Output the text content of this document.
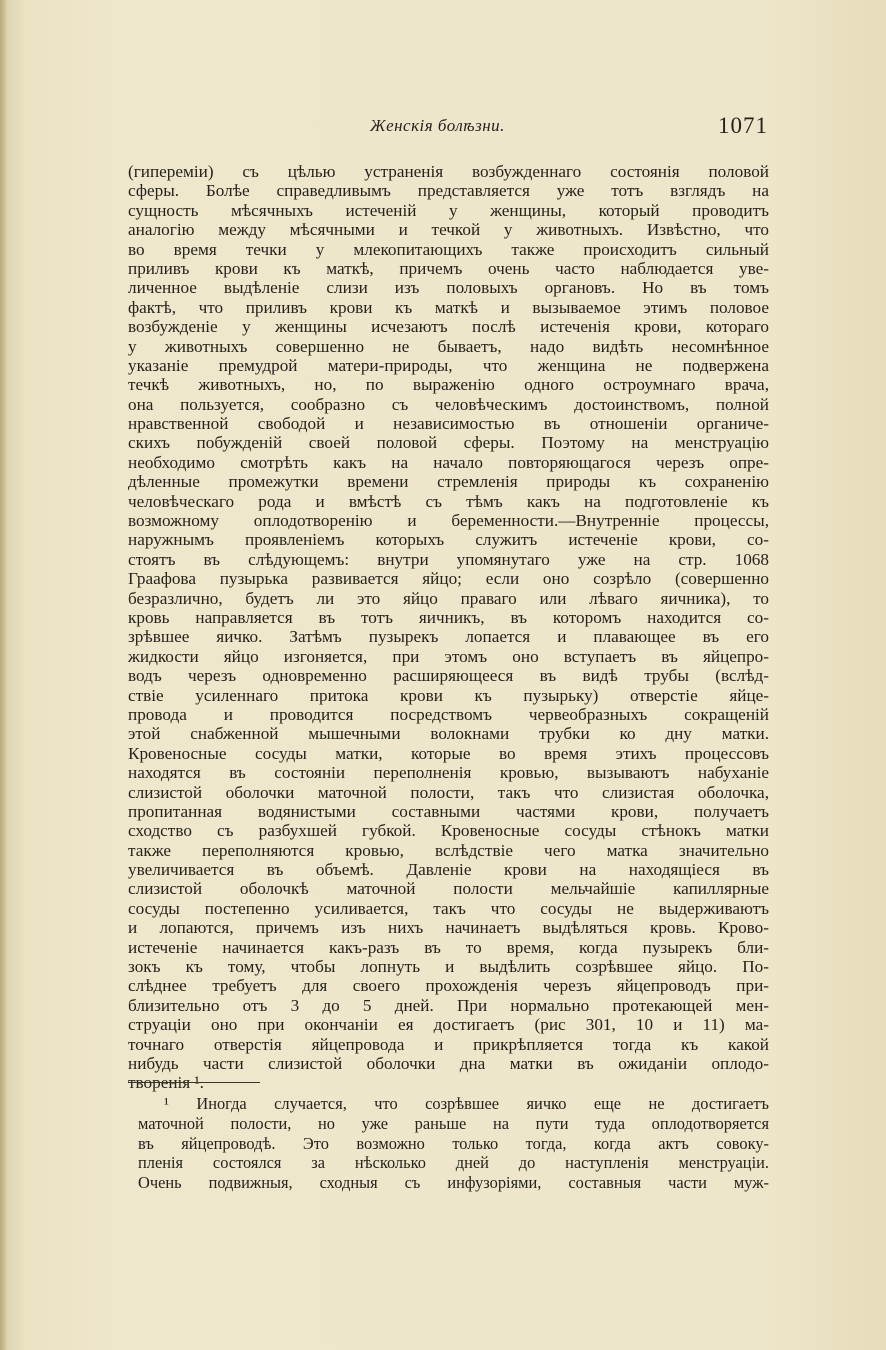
Женскія болѣзни.	1071
(гипереміи) съ цѣлью устраненія возбужденнаго состоянія половой
сферы. Болѣе справедливымъ представляется уже тотъ взглядъ на
сущность мѣсячныхъ истеченій у женщины, который проводитъ
аналогію между мѣсячными и течкой у животныхъ. Извѣстно, что
во время течки у млекопитающихъ также происходитъ сильный
приливъ крови къ маткѣ, причемъ очень часто наблюдается уве-
личенное выдѣленіе слизи изъ половыхъ органовъ. Но въ томъ
фактѣ, что приливъ крови къ маткѣ и вызываемое этимъ половое
возбужденіе у женщины исчезаютъ послѣ истеченія крови, котораго
у животныхъ совершенно не бываетъ, надо видѣть несомнѣнное
указаніе премудрой матери-природы, что женщина не подвержена
течкѣ животныхъ, но, по выраженію одного остроумнаго врача,
она пользуется, сообразно съ человѣческимъ достоинствомъ, полной
нравственной свободой и независимостью въ отношеніи органиче-
скихъ побужденій своей половой сферы. Поэтому на менструацію
необходимо смотрѣть какъ на начало повторяющагося черезъ опре-
дѣленные промежутки времени стремленія природы къ сохраненію
человѣческаго рода и вмѣстѣ съ тѣмъ какъ на подготовленіе къ
возможному оплодотворенію и беременности.—Внутренніе процессы,
наружнымъ проявленіемъ которыхъ служитъ истеченіе крови, со-
стоятъ въ слѣдующемъ: внутри упомянутаго уже на стр. 1068
Граафова пузырька развивается яйцо; если оно созрѣло (совершенно
безразлично, будетъ ли это яйцо праваго или лѣваго яичника), то
кровь направляется въ тотъ яичникъ, въ которомъ находится со-
зрѣвшее яичко. Затѣмъ пузырекъ лопается и плавающее въ его
жидкости яйцо изгоняется, при этомъ оно вступаетъ въ яйцепро-
водъ черезъ одновременно расширяющееся въ видѣ трубы (вслѣд-
ствіе усиленнаго притока крови къ пузырьку) отверстіе яйце-
провода и проводится посредствомъ червеобразныхъ сокращеній
этой снабженной мышечными волокнами трубки ко дну матки.
Кровеносные сосуды матки, которые во время этихъ процессовъ
находятся въ состояніи переполненія кровью, вызываютъ набуханіе
слизистой оболочки маточной полости, такъ что слизистая оболочка,
пропитанная водянистыми составными частями крови, получаетъ
сходство съ разбухшей губкой. Кровеносные сосуды стѣнокъ матки
также переполняются кровью, вслѣдствіе чего матка значительно
увеличивается въ объемѣ. Давленіе крови на находящіеся въ
слизистой оболочкѣ маточной полости мельчайшіе капиллярные
сосуды постепенно усиливается, такъ что сосуды не выдерживаютъ
и лопаются, причемъ изъ нихъ начинаетъ выдѣляться кровь. Крово-
истеченіе начинается какъ-разъ въ то время, когда пузырекъ бли-
зокъ къ тому, чтобы лопнуть и выдѣлить созрѣвшее яйцо. По-
слѣднее требуетъ для своего прохожденія черезъ яйцепроводъ при-
близительно отъ 3 до 5 дней. При нормально протекающей мен-
струаціи оно при окончаніи ея достигаетъ (рис 301, 10 и 11) ма-
точнаго отверстія яйцепровода и прикрѣпляется тогда къ какой
нибудь части слизистой оболочки дна матки въ ожиданіи оплодо-
творенія ¹.
¹ Иногда случается, что созрѣвшее яичко еще не достигаетъ
маточной полости, но уже раньше на пути туда оплодотворяется
въ яйцепроводѣ. Это возможно только тогда, когда актъ совоку-
пленія состоялся за нѣсколько дней до наступленія менструаціи.
Очень подвижныя, сходныя съ инфузоріями, составныя части муж-
